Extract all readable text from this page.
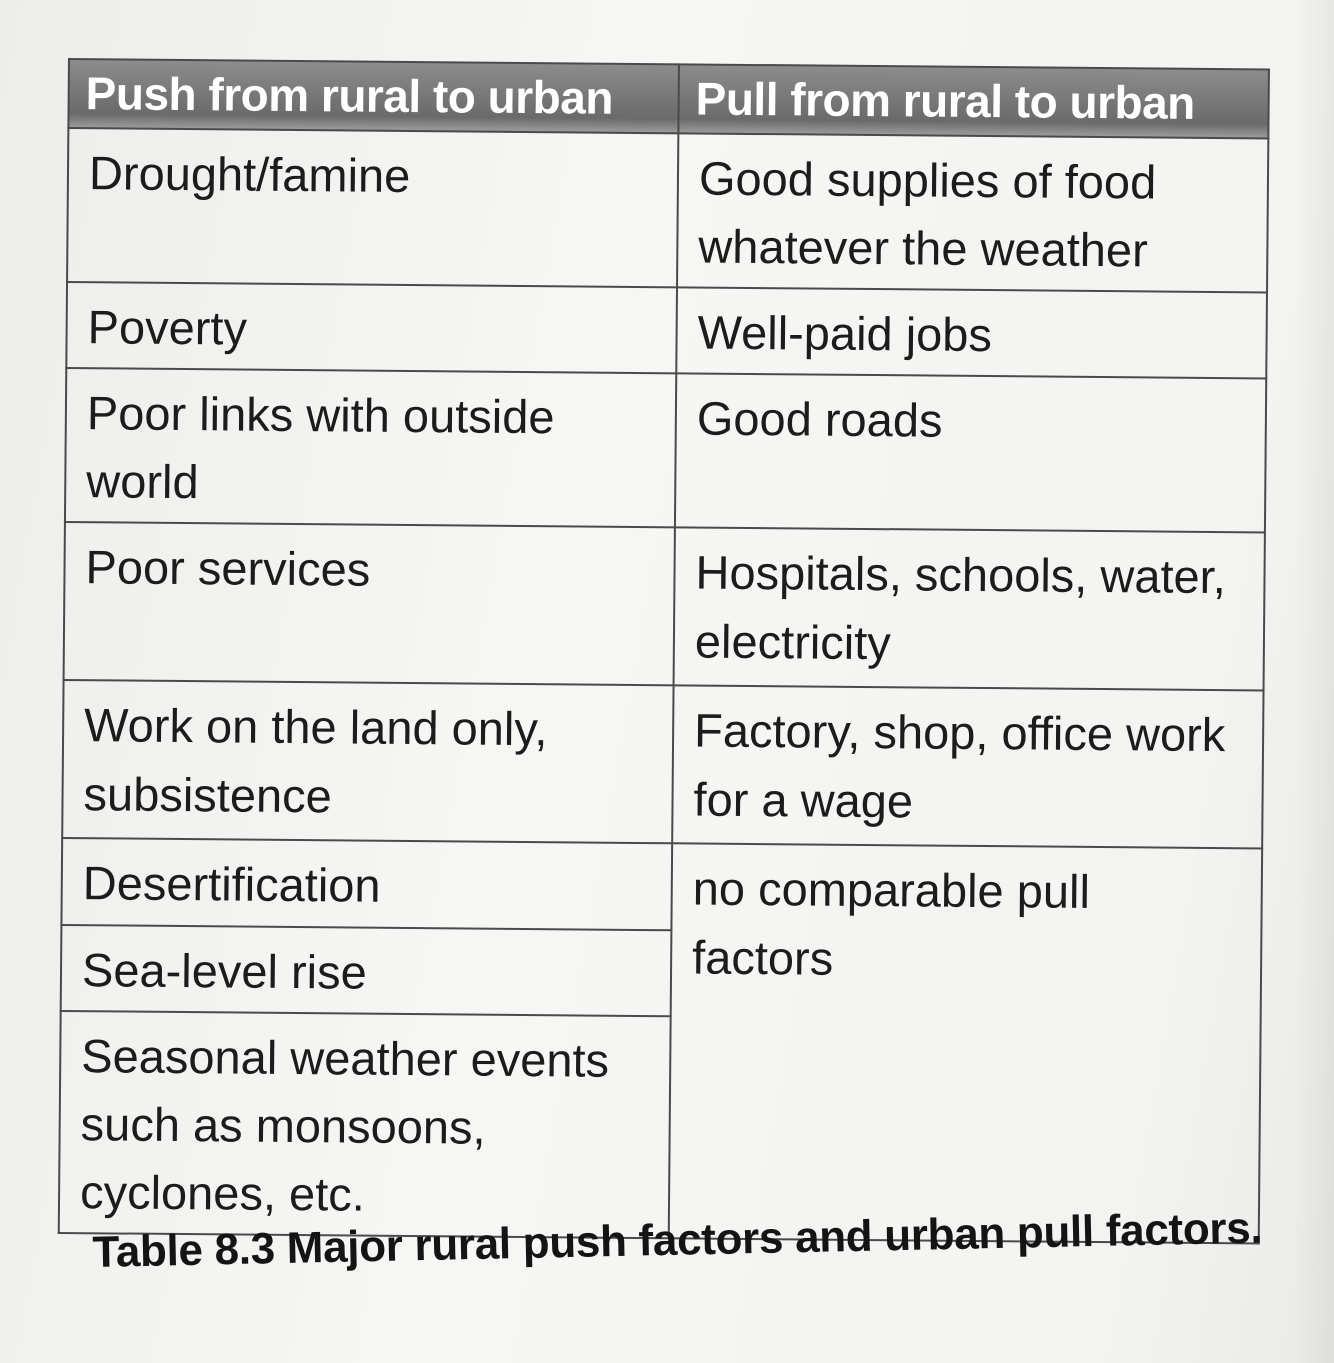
Push from rural to urban	Pull from rural to urban
Drought/famine	Good supplies of food whatever the weather
Poverty	Well-paid jobs
Poor links with outside world	Good roads
Poor services	Hospitals, schools, water, electricity
Work on the land only, subsistence	Factory, shop, office work for a wage
Desertification	no comparable pull factors
Sea-level rise	
Seasonal weather events such as monsoons, cyclones, etc.	
Table 8.3 Major rural push factors and urban pull factors.
